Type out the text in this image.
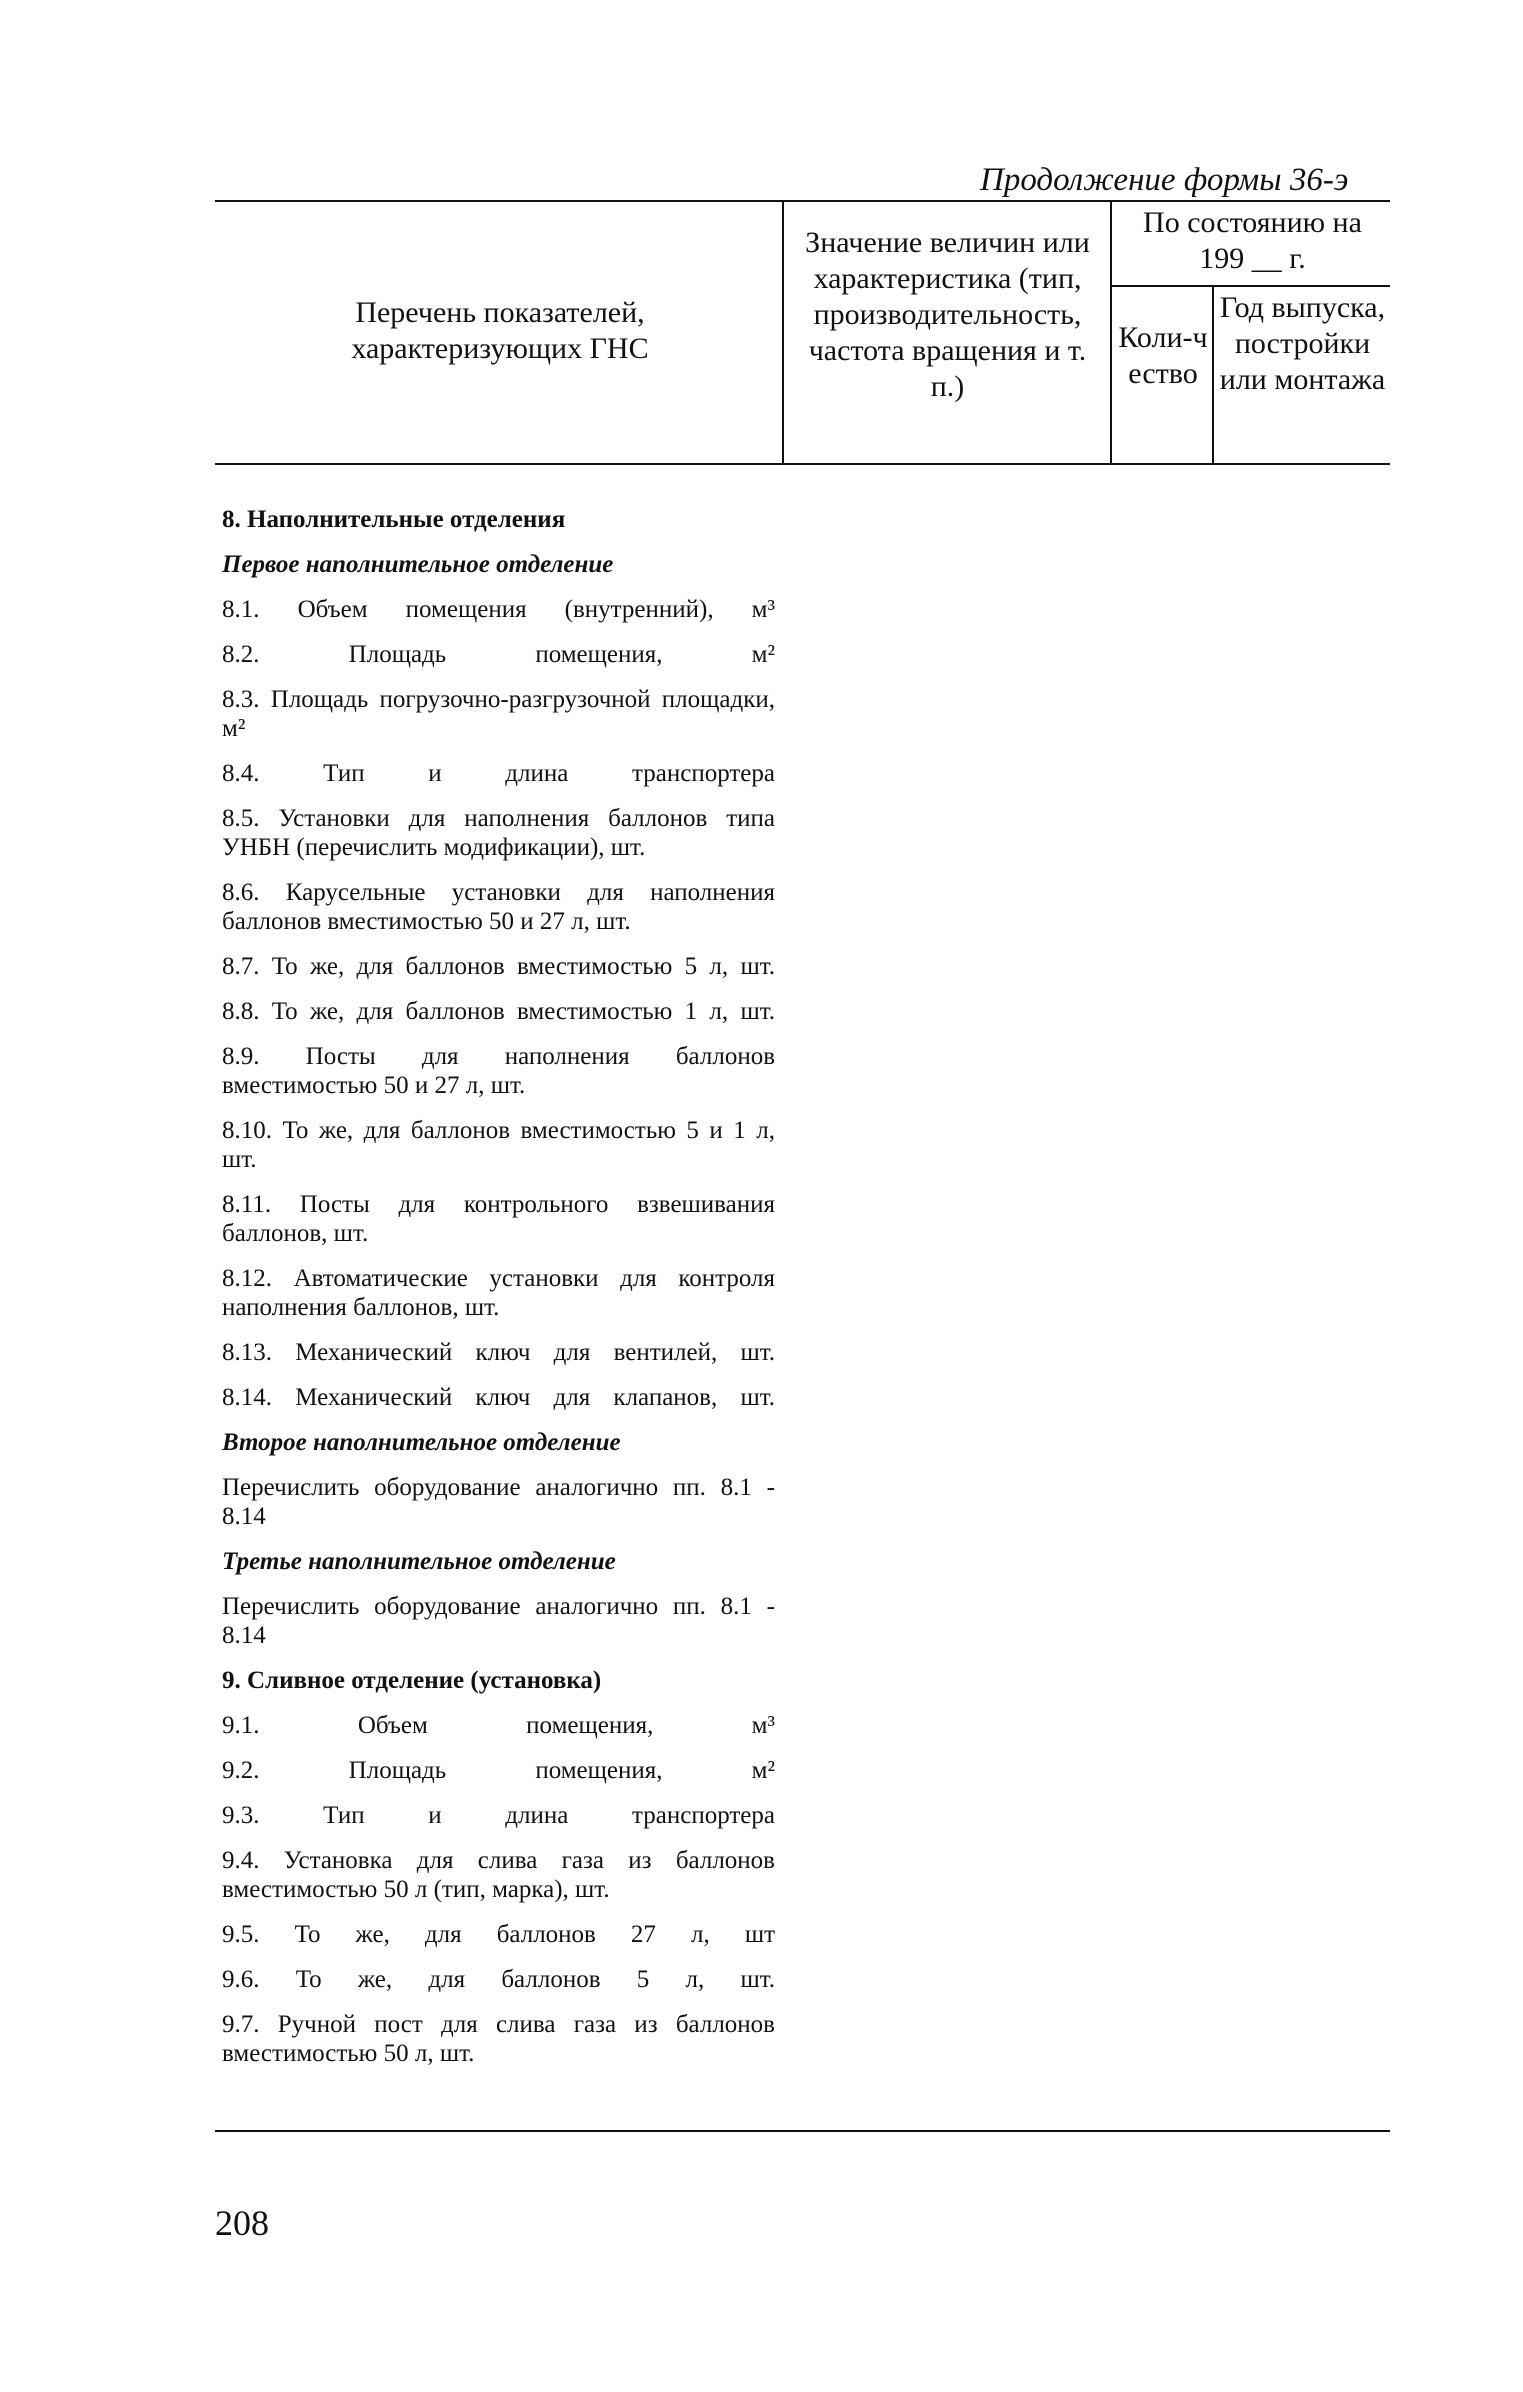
Продолжение формы 36-э
Перечень показателей, характеризующих ГНС
Значение величин или характеристика (тип, производительность, частота вращения и т. п.)
По состоянию на
199 __ г.
Коли-чество
Год выпуска, постройки или монтажа
8. Наполнительные отделения
Первое наполнительное отделение
8.1. Объем помещения (внутренний), м³
8.2. Площадь помещения, м²
8.3. Площадь погрузочно-разгрузочной площадки, м²
8.4. Тип и длина транспортера
8.5. Установки для наполнения баллонов типа УНБН (перечислить модификации), шт.
8.6. Карусельные установки для наполнения баллонов вместимостью 50 и 27 л, шт.
8.7. То же, для баллонов вместимостью 5 л, шт.
8.8. То же, для баллонов вместимостью 1 л, шт.
8.9. Посты для наполнения баллонов вместимостью 50 и 27 л, шт.
8.10. То же, для баллонов вместимостью 5 и 1 л, шт.
8.11. Посты для контрольного взвешивания баллонов, шт.
8.12. Автоматические установки для контроля наполнения баллонов, шт.
8.13. Механический ключ для вентилей, шт.
8.14. Механический ключ для клапанов, шт.
Второе наполнительное отделение
Перечислить оборудование аналогично пп. 8.1 - 8.14
Третье наполнительное отделение
Перечислить оборудование аналогично пп. 8.1 - 8.14
9. Сливное отделение (установка)
9.1. Объем помещения, м³
9.2. Площадь помещения, м²
9.3. Тип и длина транспортера
9.4. Установка для слива газа из баллонов вместимостью 50 л (тип, марка), шт.
9.5. То же, для баллонов 27 л, шт
9.6. То же, для баллонов 5 л, шт.
9.7. Ручной пост для слива газа из баллонов вместимостью 50 л, шт.
208
